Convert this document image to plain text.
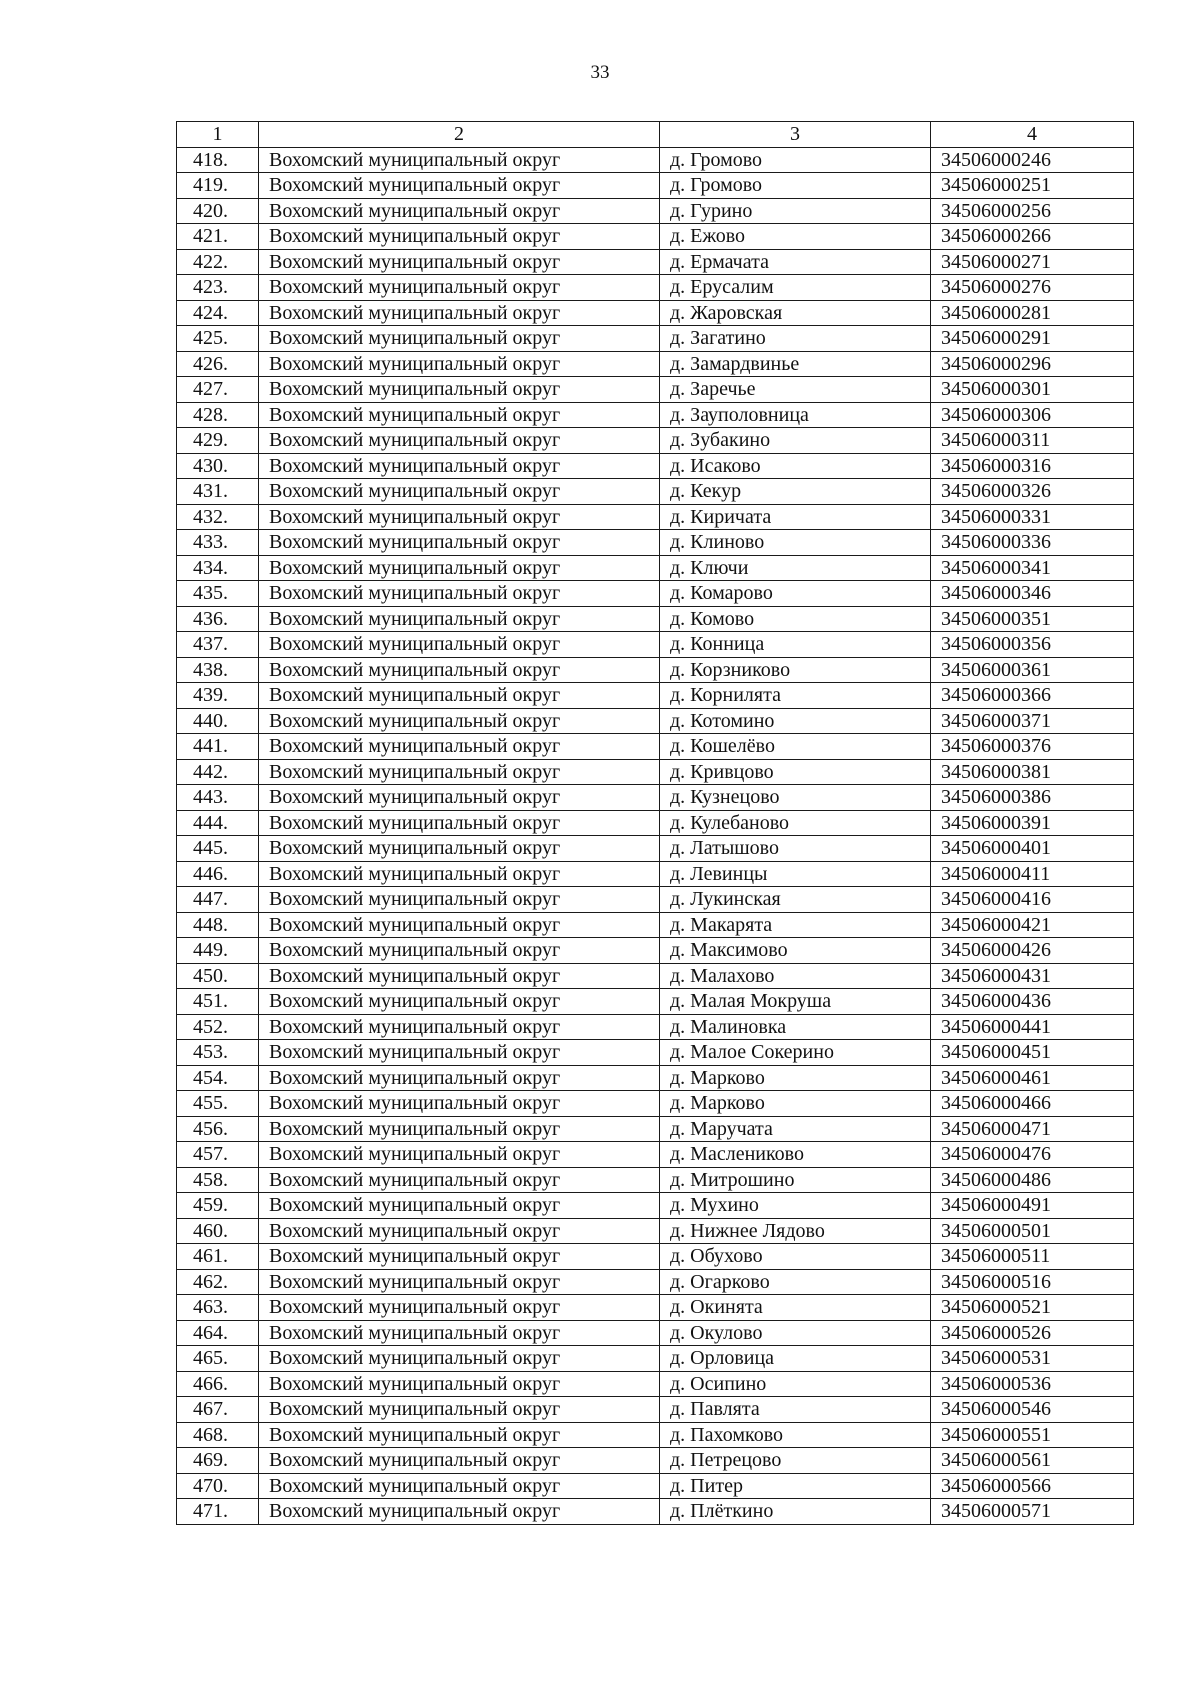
33
1	2	3	4
418.	Вохомский муниципальный округ	д. Громово	34506000246
419.	Вохомский муниципальный округ	д. Громово	34506000251
420.	Вохомский муниципальный округ	д. Гурино	34506000256
421.	Вохомский муниципальный округ	д. Ежово	34506000266
422.	Вохомский муниципальный округ	д. Ермачата	34506000271
423.	Вохомский муниципальный округ	д. Ерусалим	34506000276
424.	Вохомский муниципальный округ	д. Жаровская	34506000281
425.	Вохомский муниципальный округ	д. Загатино	34506000291
426.	Вохомский муниципальный округ	д. Замардвинье	34506000296
427.	Вохомский муниципальный округ	д. Заречье	34506000301
428.	Вохомский муниципальный округ	д. Зауполовница	34506000306
429.	Вохомский муниципальный округ	д. Зубакино	34506000311
430.	Вохомский муниципальный округ	д. Исаково	34506000316
431.	Вохомский муниципальный округ	д. Кекур	34506000326
432.	Вохомский муниципальный округ	д. Киричата	34506000331
433.	Вохомский муниципальный округ	д. Клиново	34506000336
434.	Вохомский муниципальный округ	д. Ключи	34506000341
435.	Вохомский муниципальный округ	д. Комарово	34506000346
436.	Вохомский муниципальный округ	д. Комово	34506000351
437.	Вохомский муниципальный округ	д. Конница	34506000356
438.	Вохомский муниципальный округ	д. Корзниково	34506000361
439.	Вохомский муниципальный округ	д. Корнилята	34506000366
440.	Вохомский муниципальный округ	д. Котомино	34506000371
441.	Вохомский муниципальный округ	д. Кошелёво	34506000376
442.	Вохомский муниципальный округ	д. Кривцово	34506000381
443.	Вохомский муниципальный округ	д. Кузнецово	34506000386
444.	Вохомский муниципальный округ	д. Кулебаново	34506000391
445.	Вохомский муниципальный округ	д. Латышово	34506000401
446.	Вохомский муниципальный округ	д. Левинцы	34506000411
447.	Вохомский муниципальный округ	д. Лукинская	34506000416
448.	Вохомский муниципальный округ	д. Макарята	34506000421
449.	Вохомский муниципальный округ	д. Максимово	34506000426
450.	Вохомский муниципальный округ	д. Малахово	34506000431
451.	Вохомский муниципальный округ	д. Малая Мокруша	34506000436
452.	Вохомский муниципальный округ	д. Малиновка	34506000441
453.	Вохомский муниципальный округ	д. Малое Сокерино	34506000451
454.	Вохомский муниципальный округ	д. Марково	34506000461
455.	Вохомский муниципальный округ	д. Марково	34506000466
456.	Вохомский муниципальный округ	д. Маручата	34506000471
457.	Вохомский муниципальный округ	д. Маслениково	34506000476
458.	Вохомский муниципальный округ	д. Митрошино	34506000486
459.	Вохомский муниципальный округ	д. Мухино	34506000491
460.	Вохомский муниципальный округ	д. Нижнее Лядово	34506000501
461.	Вохомский муниципальный округ	д. Обухово	34506000511
462.	Вохомский муниципальный округ	д. Огарково	34506000516
463.	Вохомский муниципальный округ	д. Окинята	34506000521
464.	Вохомский муниципальный округ	д. Окулово	34506000526
465.	Вохомский муниципальный округ	д. Орловица	34506000531
466.	Вохомский муниципальный округ	д. Осипино	34506000536
467.	Вохомский муниципальный округ	д. Павлята	34506000546
468.	Вохомский муниципальный округ	д. Пахомково	34506000551
469.	Вохомский муниципальный округ	д. Петрецово	34506000561
470.	Вохомский муниципальный округ	д. Питер	34506000566
471.	Вохомский муниципальный округ	д. Плёткино	34506000571
